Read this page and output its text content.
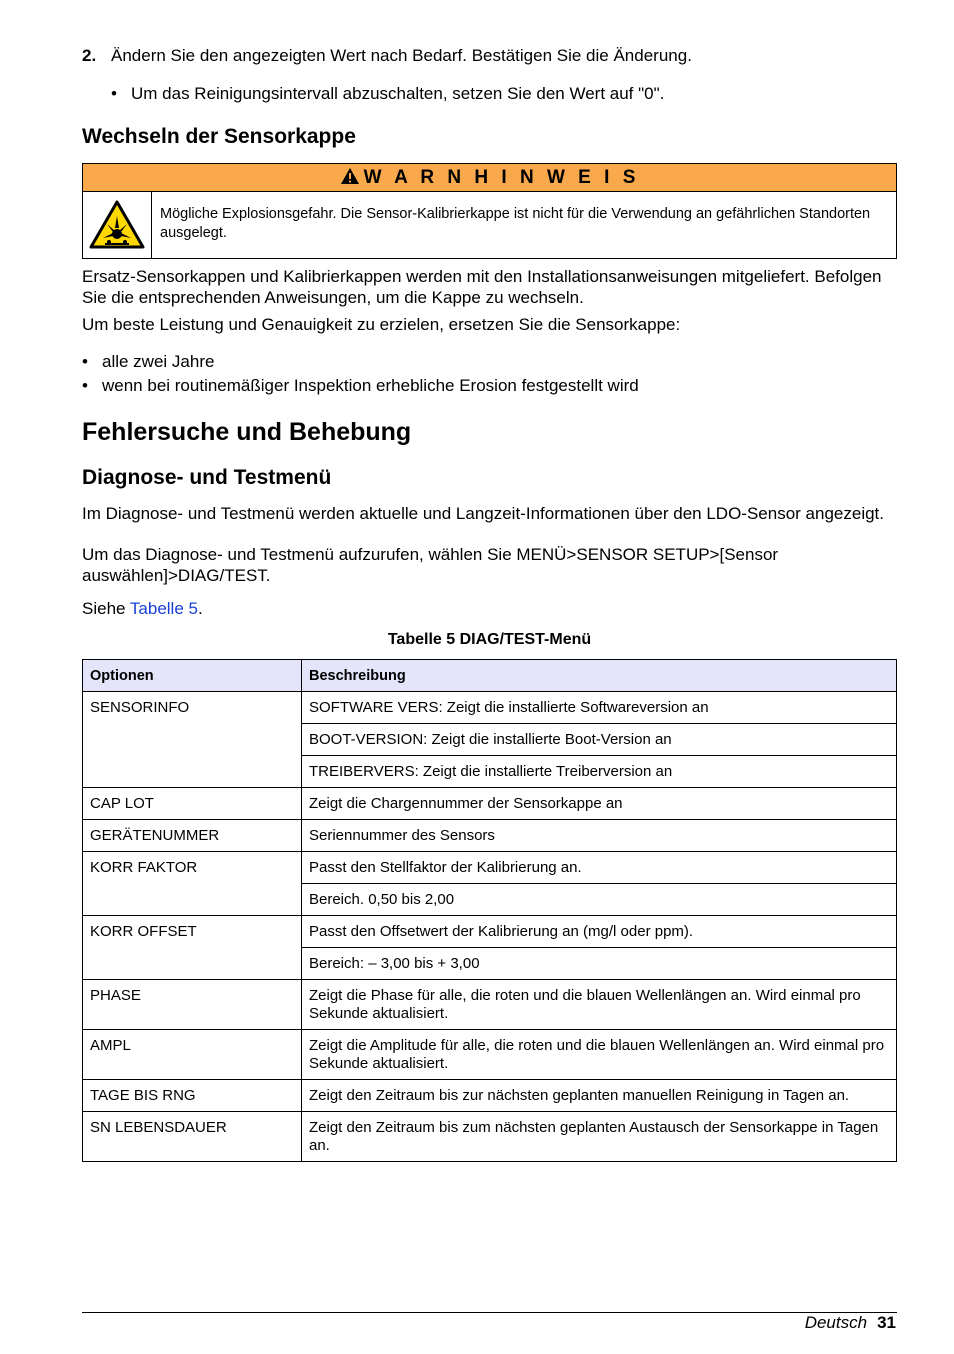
2. Ändern Sie den angezeigten Wert nach Bedarf. Bestätigen Sie die Änderung.
• Um das Reinigungsintervall abzuschalten, setzen Sie den Wert auf "0".
Wechseln der Sensorkappe
W A R N H I N W E I S
Mögliche Explosionsgefahr. Die Sensor-Kalibrierkappe ist nicht für die Verwendung an gefährlichen Standorten ausgelegt.
Ersatz-Sensorkappen und Kalibrierkappen werden mit den Installationsanweisungen mitgeliefert. Befolgen Sie die entsprechenden Anweisungen, um die Kappe zu wechseln.
Um beste Leistung und Genauigkeit zu erzielen, ersetzen Sie die Sensorkappe:
• alle zwei Jahre
• wenn bei routinemäßiger Inspektion erhebliche Erosion festgestellt wird
Fehlersuche und Behebung
Diagnose- und Testmenü
Im Diagnose- und Testmenü werden aktuelle und Langzeit-Informationen über den LDO-Sensor angezeigt.
Um das Diagnose- und Testmenü aufzurufen, wählen Sie MENÜ>SENSOR SETUP>[Sensor auswählen]>DIAG/TEST.
Siehe Tabelle 5.
Tabelle 5 DIAG/TEST-Menü
Optionen	Beschreibung
SENSORINFO	SOFTWARE VERS: Zeigt die installierte Softwareversion an
	BOOT-VERSION: Zeigt die installierte Boot-Version an
	TREIBERVERS: Zeigt die installierte Treiberversion an
CAP LOT	Zeigt die Chargennummer der Sensorkappe an
GERÄTENUMMER	Seriennummer des Sensors
KORR FAKTOR	Passt den Stellfaktor der Kalibrierung an.
	Bereich. 0,50 bis 2,00
KORR OFFSET	Passt den Offsetwert der Kalibrierung an (mg/l oder ppm).
	Bereich: – 3,00 bis + 3,00
PHASE	Zeigt die Phase für alle, die roten und die blauen Wellenlängen an. Wird einmal pro Sekunde aktualisiert.
AMPL	Zeigt die Amplitude für alle, die roten und die blauen Wellenlängen an. Wird einmal pro Sekunde aktualisiert.
TAGE BIS RNG	Zeigt den Zeitraum bis zur nächsten geplanten manuellen Reinigung in Tagen an.
SN LEBENSDAUER	Zeigt den Zeitraum bis zum nächsten geplanten Austausch der Sensorkappe in Tagen an.
Deutsch 31
